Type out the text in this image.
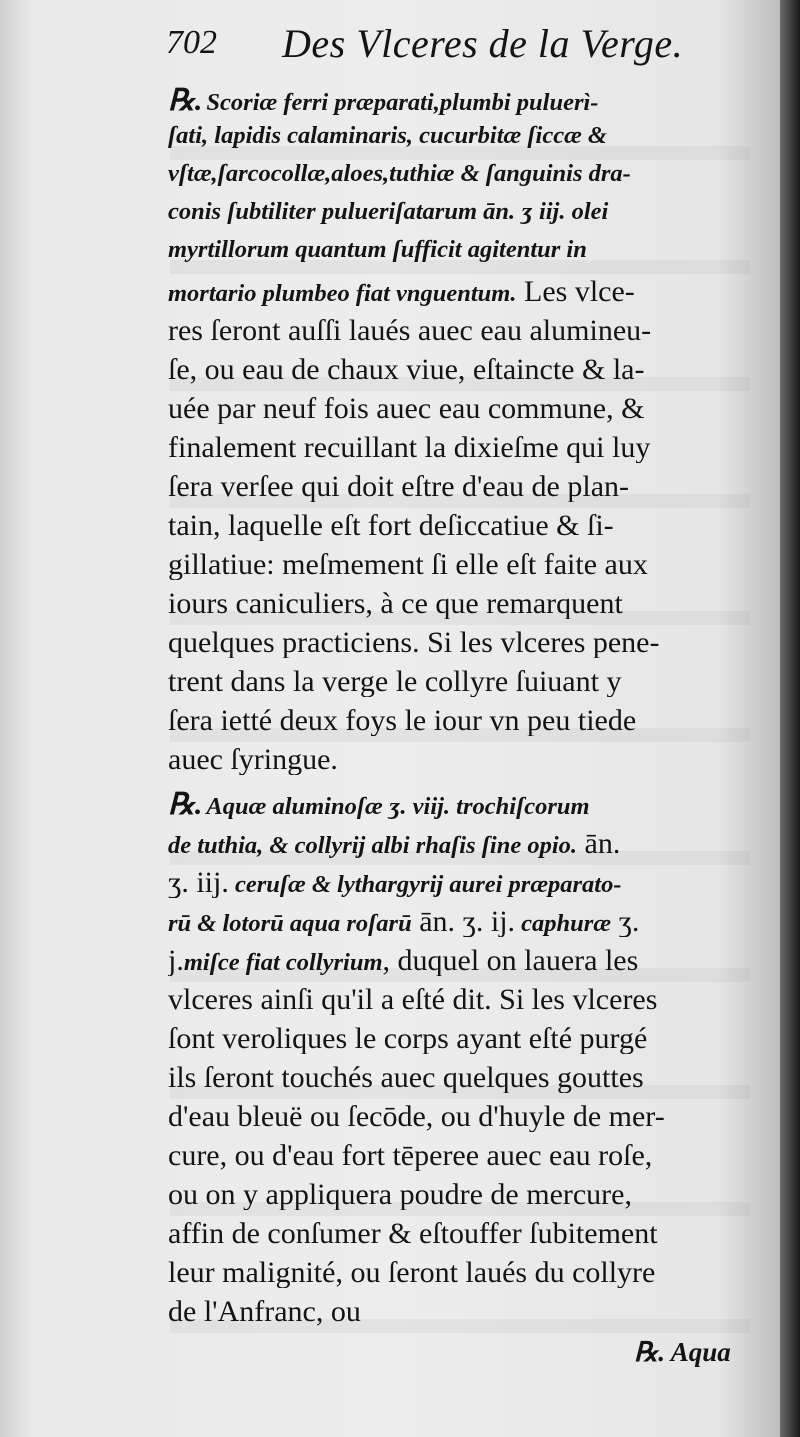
702 Des Vlceres de la Verge.
℞. Scoriæ ferri præparati,plumbi puluerì-
ſati, lapidis calaminaris, cucurbitæ ſiccæ &
vſtæ,ſarcocollæ,aloes,tuthiæ & ſanguinis dra-
conis ſubtiliter pulueriſatarum ān. ʒ iij. olei
myrtillorum quantum ſufficit agitentur in
mortario plumbeo fiat vnguentum. Les vlce-
res ſeront auſſi laués auec eau alumineu-
ſe, ou eau de chaux viue, eſtaincte & la-
uée par neuf fois auec eau commune, &
finalement recuillant la dixieſme qui luy
ſera verſee qui doit eſtre d'eau de plan-
tain, laquelle eſt fort deſiccatiue & ſi-
gillatiue: meſmement ſi elle eſt faite aux
iours caniculiers, à ce que remarquent
quelques practiciens. Si les vlceres pene-
trent dans la verge le collyre ſuiuant y
ſera ietté deux foys le iour vn peu tiede
auec ſyringue.
℞. Aquæ aluminoſæ ʒ. viij. trochiſcorum
de tuthia, & collyrij albi rhaſis ſine opio. ān.
ʒ. iij. ceruſæ & lythargyrij aurei præparato-
rū & lotorū aqua roſarū ān. ʒ. ij. caphuræ ʒ.
j.miſce fiat collyrium, duquel on lauera les
vlceres ainſi qu'il a eſté dit. Si les vlceres
ſont veroliques le corps ayant eſté purgé
ils ſeront touchés auec quelques gouttes
d'eau bleuë ou ſecōde, ou d'huyle de mer-
cure, ou d'eau fort tēperee auec eau roſe,
ou on y appliquera poudre de mercure,
affin de conſumer & eſtouffer ſubitement
leur malignité, ou ſeront laués du collyre
de l'Anfranc, ou
℞. Aqua
